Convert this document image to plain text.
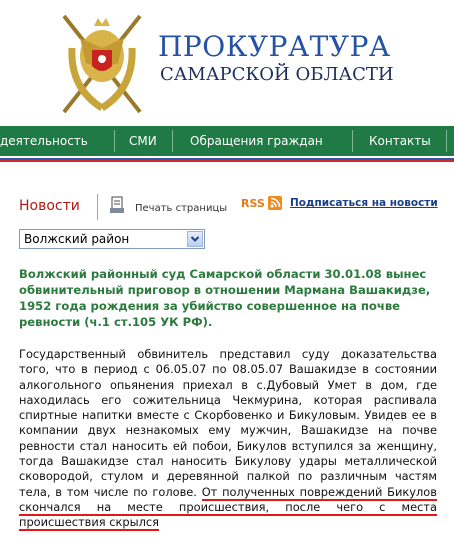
ПРОКУРАТУРА
САМАРСКОЙ ОБЛАСТИ
деятельность	СМИ	Обращения граждан	Контакты
Новости	Печать страницы RSS Подписаться на новости
Волжский район
Волжский районный суд Самарской области 30.01.08 вынес обвинительный приговор в отношении Мармана Вашакидзе, 1952 года рождения за убийство совершенное на почве ревности (ч.1 ст.105 УК РФ).
Государственный обвинитель представил суду доказательства того, что в период с 06.05.07 по 08.05.07 Вашакидзе в состоянии алкогольного опьянения приехал в с.Дубовый Умет в дом, где находилась его сожительница Чекмурина, которая распивала спиртные напитки вместе с Скорбовенко и Бикуловым. Увидев ее в компании двух незнакомых ему мужчин, Вашакидзе на почве ревности стал наносить ей побои, Бикулов вступился за женщину, тогда Вашакидзе стал наносить Бикулову удары металлической сковородой, стулом и деревянной палкой по различным частям тела, в том числе по голове. От полученных повреждений Бикулов скончался на месте происшествия, после чего с места происшествия скрылся
